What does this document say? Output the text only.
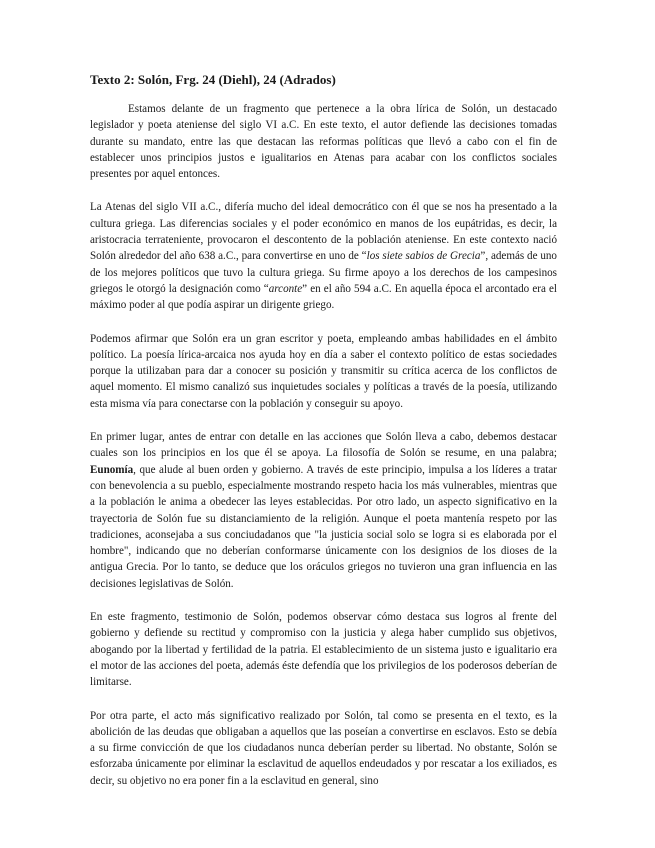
Texto 2: Solón, Frg. 24 (Diehl), 24 (Adrados)

Estamos delante de un fragmento que pertenece a la obra lírica de Solón, un destacado legislador y poeta ateniense del siglo VI a.C. En este texto, el autor defiende las decisiones tomadas durante su mandato, entre las que destacan las reformas políticas que llevó a cabo con el fin de establecer unos principios justos e igualitarios en Atenas para acabar con los conflictos sociales presentes por aquel entonces.

La Atenas del siglo VII a.C., difería mucho del ideal democrático con él que se nos ha presentado a la cultura griega. Las diferencias sociales y el poder económico en manos de los eupátridas, es decir, la aristocracia terrateniente, provocaron el descontento de la población ateniense. En este contexto nació Solón alrededor del año 638 a.C., para convertirse en uno de “los siete sabios de Grecia”, además de uno de los mejores políticos que tuvo la cultura griega. Su firme apoyo a los derechos de los campesinos griegos le otorgó la designación como “arconte” en el año 594 a.C. En aquella época el arcontado era el máximo poder al que podía aspirar un dirigente griego.

Podemos afirmar que Solón era un gran escritor y poeta, empleando ambas habilidades en el ámbito político. La poesía lírica-arcaica nos ayuda hoy en día a saber el contexto político de estas sociedades porque la utilizaban para dar a conocer su posición y transmitir su crítica acerca de los conflictos de aquel momento. El mismo canalizó sus inquietudes sociales y políticas a través de la poesía, utilizando esta misma vía para conectarse con la población y conseguir su apoyo.

En primer lugar, antes de entrar con detalle en las acciones que Solón lleva a cabo, debemos destacar cuales son los principios en los que él se apoya. La filosofía de Solón se resume, en una palabra; Eunomía, que alude al buen orden y gobierno. A través de este principio, impulsa a los líderes a tratar con benevolencia a su pueblo, especialmente mostrando respeto hacia los más vulnerables, mientras que a la población le anima a obedecer las leyes establecidas. Por otro lado, un aspecto significativo en la trayectoria de Solón fue su distanciamiento de la religión. Aunque el poeta mantenía respeto por las tradiciones, aconsejaba a sus conciudadanos que "la justicia social solo se logra si es elaborada por el hombre", indicando que no deberían conformarse únicamente con los designios de los dioses de la antigua Grecia. Por lo tanto, se deduce que los oráculos griegos no tuvieron una gran influencia en las decisiones legislativas de Solón.

En este fragmento, testimonio de Solón, podemos observar cómo destaca sus logros al frente del gobierno y defiende su rectitud y compromiso con la justicia y alega haber cumplido sus objetivos, abogando por la libertad y fertilidad de la patria. El establecimiento de un sistema justo e igualitario era el motor de las acciones del poeta, además éste defendía que los privilegios de los poderosos deberían de limitarse.

Por otra parte, el acto más significativo realizado por Solón, tal como se presenta en el texto, es la abolición de las deudas que obligaban a aquellos que las poseían a convertirse en esclavos. Esto se debía a su firme convicción de que los ciudadanos nunca deberían perder su libertad. No obstante, Solón se esforzaba únicamente por eliminar la esclavitud de aquellos endeudados y por rescatar a los exiliados, es decir, su objetivo no era poner fin a la esclavitud en general, sino
